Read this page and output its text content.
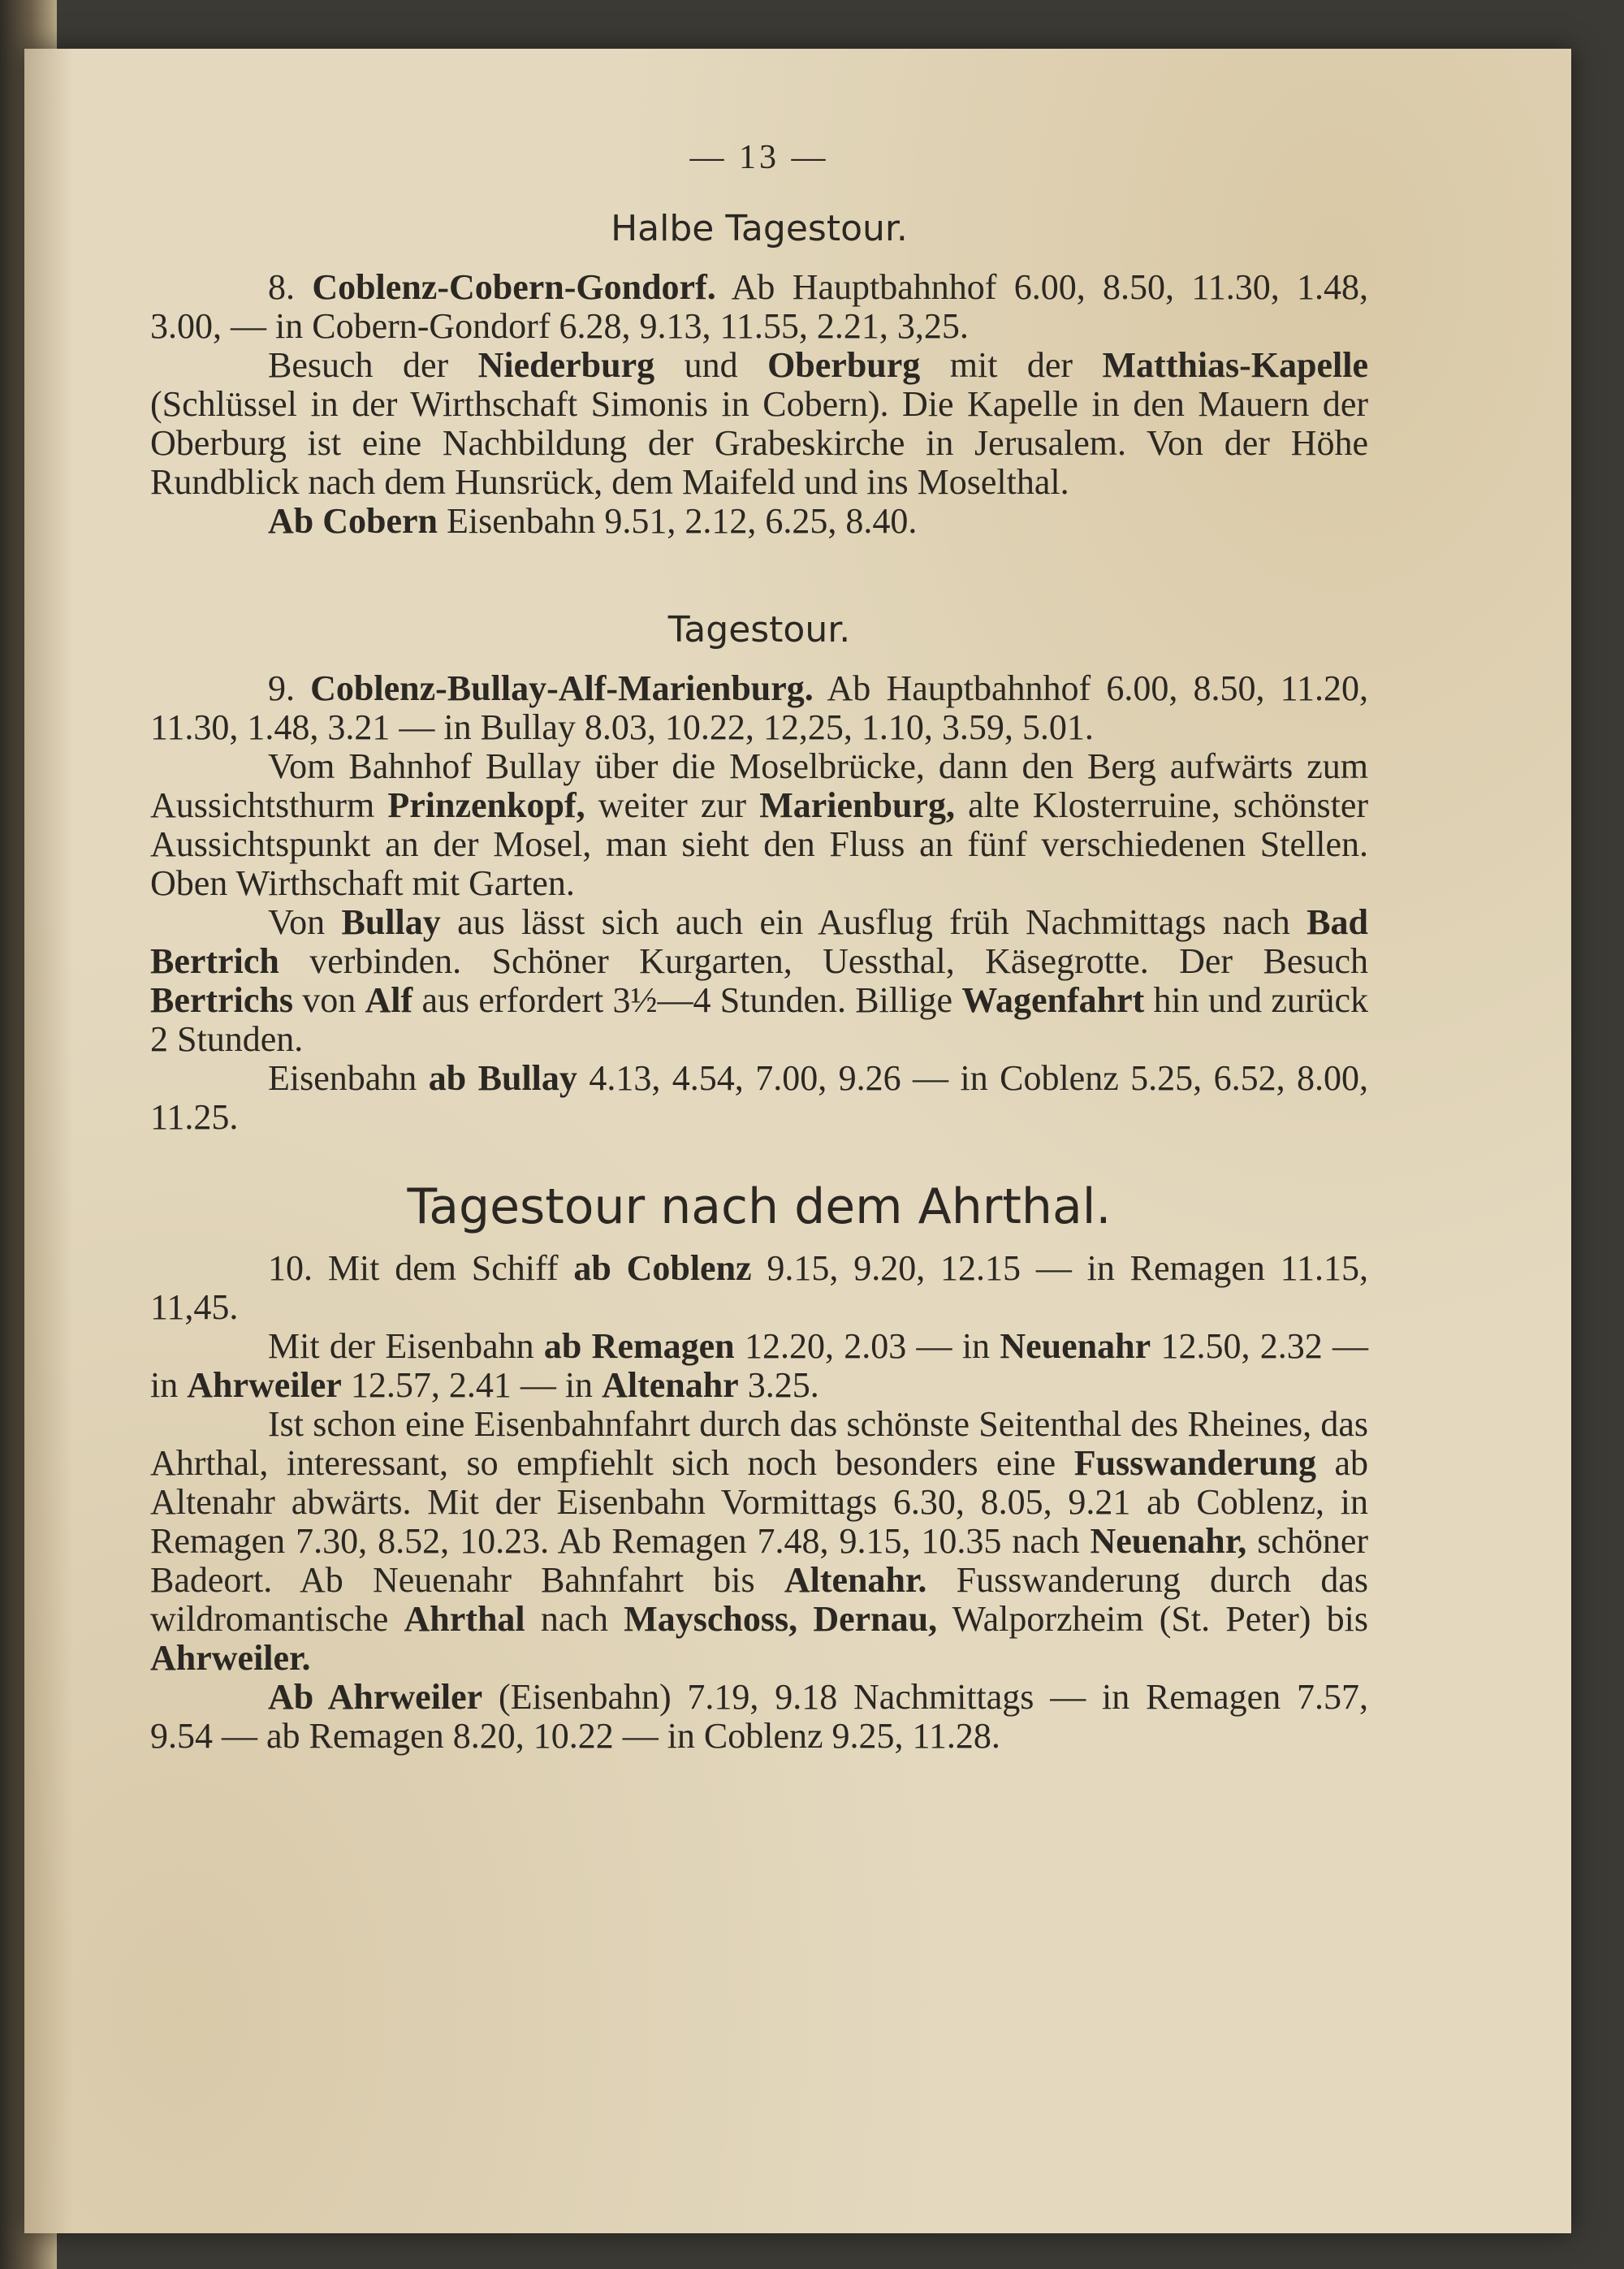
— 13 —
Halbe Tagestour.

8. Coblenz-Cobern-Gondorf. Ab Hauptbahnhof 6.00, 8.50, 11.30, 1.48, 3.00, — in Cobern-Gondorf 6.28, 9.13, 11.55, 2.21, 3,25.

Besuch der Niederburg und Oberburg mit der Matthias-Kapelle (Schlüssel in der Wirthschaft Simonis in Cobern). Die Kapelle in den Mauern der Oberburg ist eine Nachbildung der Grabeskirche in Jerusalem. Von der Höhe Rundblick nach dem Hunsrück, dem Maifeld und ins Moselthal.

Ab Cobern Eisenbahn 9.51, 2.12, 6.25, 8.40.

Tagestour.

9. Coblenz-Bullay-Alf-Marienburg. Ab Hauptbahnhof 6.00, 8.50, 11.20, 11.30, 1.48, 3.21 — in Bullay 8.03, 10.22, 12,25, 1.10, 3.59, 5.01.

Vom Bahnhof Bullay über die Moselbrücke, dann den Berg aufwärts zum Aussichtsthurm Prinzenkopf, weiter zur Marienburg, alte Klosterruine, schönster Aussichtspunkt an der Mosel, man sieht den Fluss an fünf verschiedenen Stellen. Oben Wirthschaft mit Garten.

Von Bullay aus lässt sich auch ein Ausflug früh Nachmittags nach Bad Bertrich verbinden. Schöner Kurgarten, Uessthal, Käsegrotte. Der Besuch Bertrichs von Alf aus erfordert 3½—4 Stunden. Billige Wagenfahrt hin und zurück 2 Stunden.

Eisenbahn ab Bullay 4.13, 4.54, 7.00, 9.26 — in Coblenz 5.25, 6.52, 8.00, 11.25.

Tagestour nach dem Ahrthal.

10. Mit dem Schiff ab Coblenz 9.15, 9.20, 12.15 — in Remagen 11.15, 11,45.

Mit der Eisenbahn ab Remagen 12.20, 2.03 — in Neuenahr 12.50, 2.32 — in Ahrweiler 12.57, 2.41 — in Altenahr 3.25.

Ist schon eine Eisenbahnfahrt durch das schönste Seitenthal des Rheines, das Ahrthal, interessant, so empfiehlt sich noch besonders eine Fusswanderung ab Altenahr abwärts. Mit der Eisenbahn Vormittags 6.30, 8.05, 9.21 ab Coblenz, in Remagen 7.30, 8.52, 10.23. Ab Remagen 7.48, 9.15, 10.35 nach Neuenahr, schöner Badeort. Ab Neuenahr Bahnfahrt bis Altenahr. Fusswanderung durch das wildromantische Ahrthal nach Mayschoss, Dernau, Walporzheim (St. Peter) bis Ahrweiler.

Ab Ahrweiler (Eisenbahn) 7.19, 9.18 Nachmittags — in Remagen 7.57, 9.54 — ab Remagen 8.20, 10.22 — in Coblenz 9.25, 11.28.
